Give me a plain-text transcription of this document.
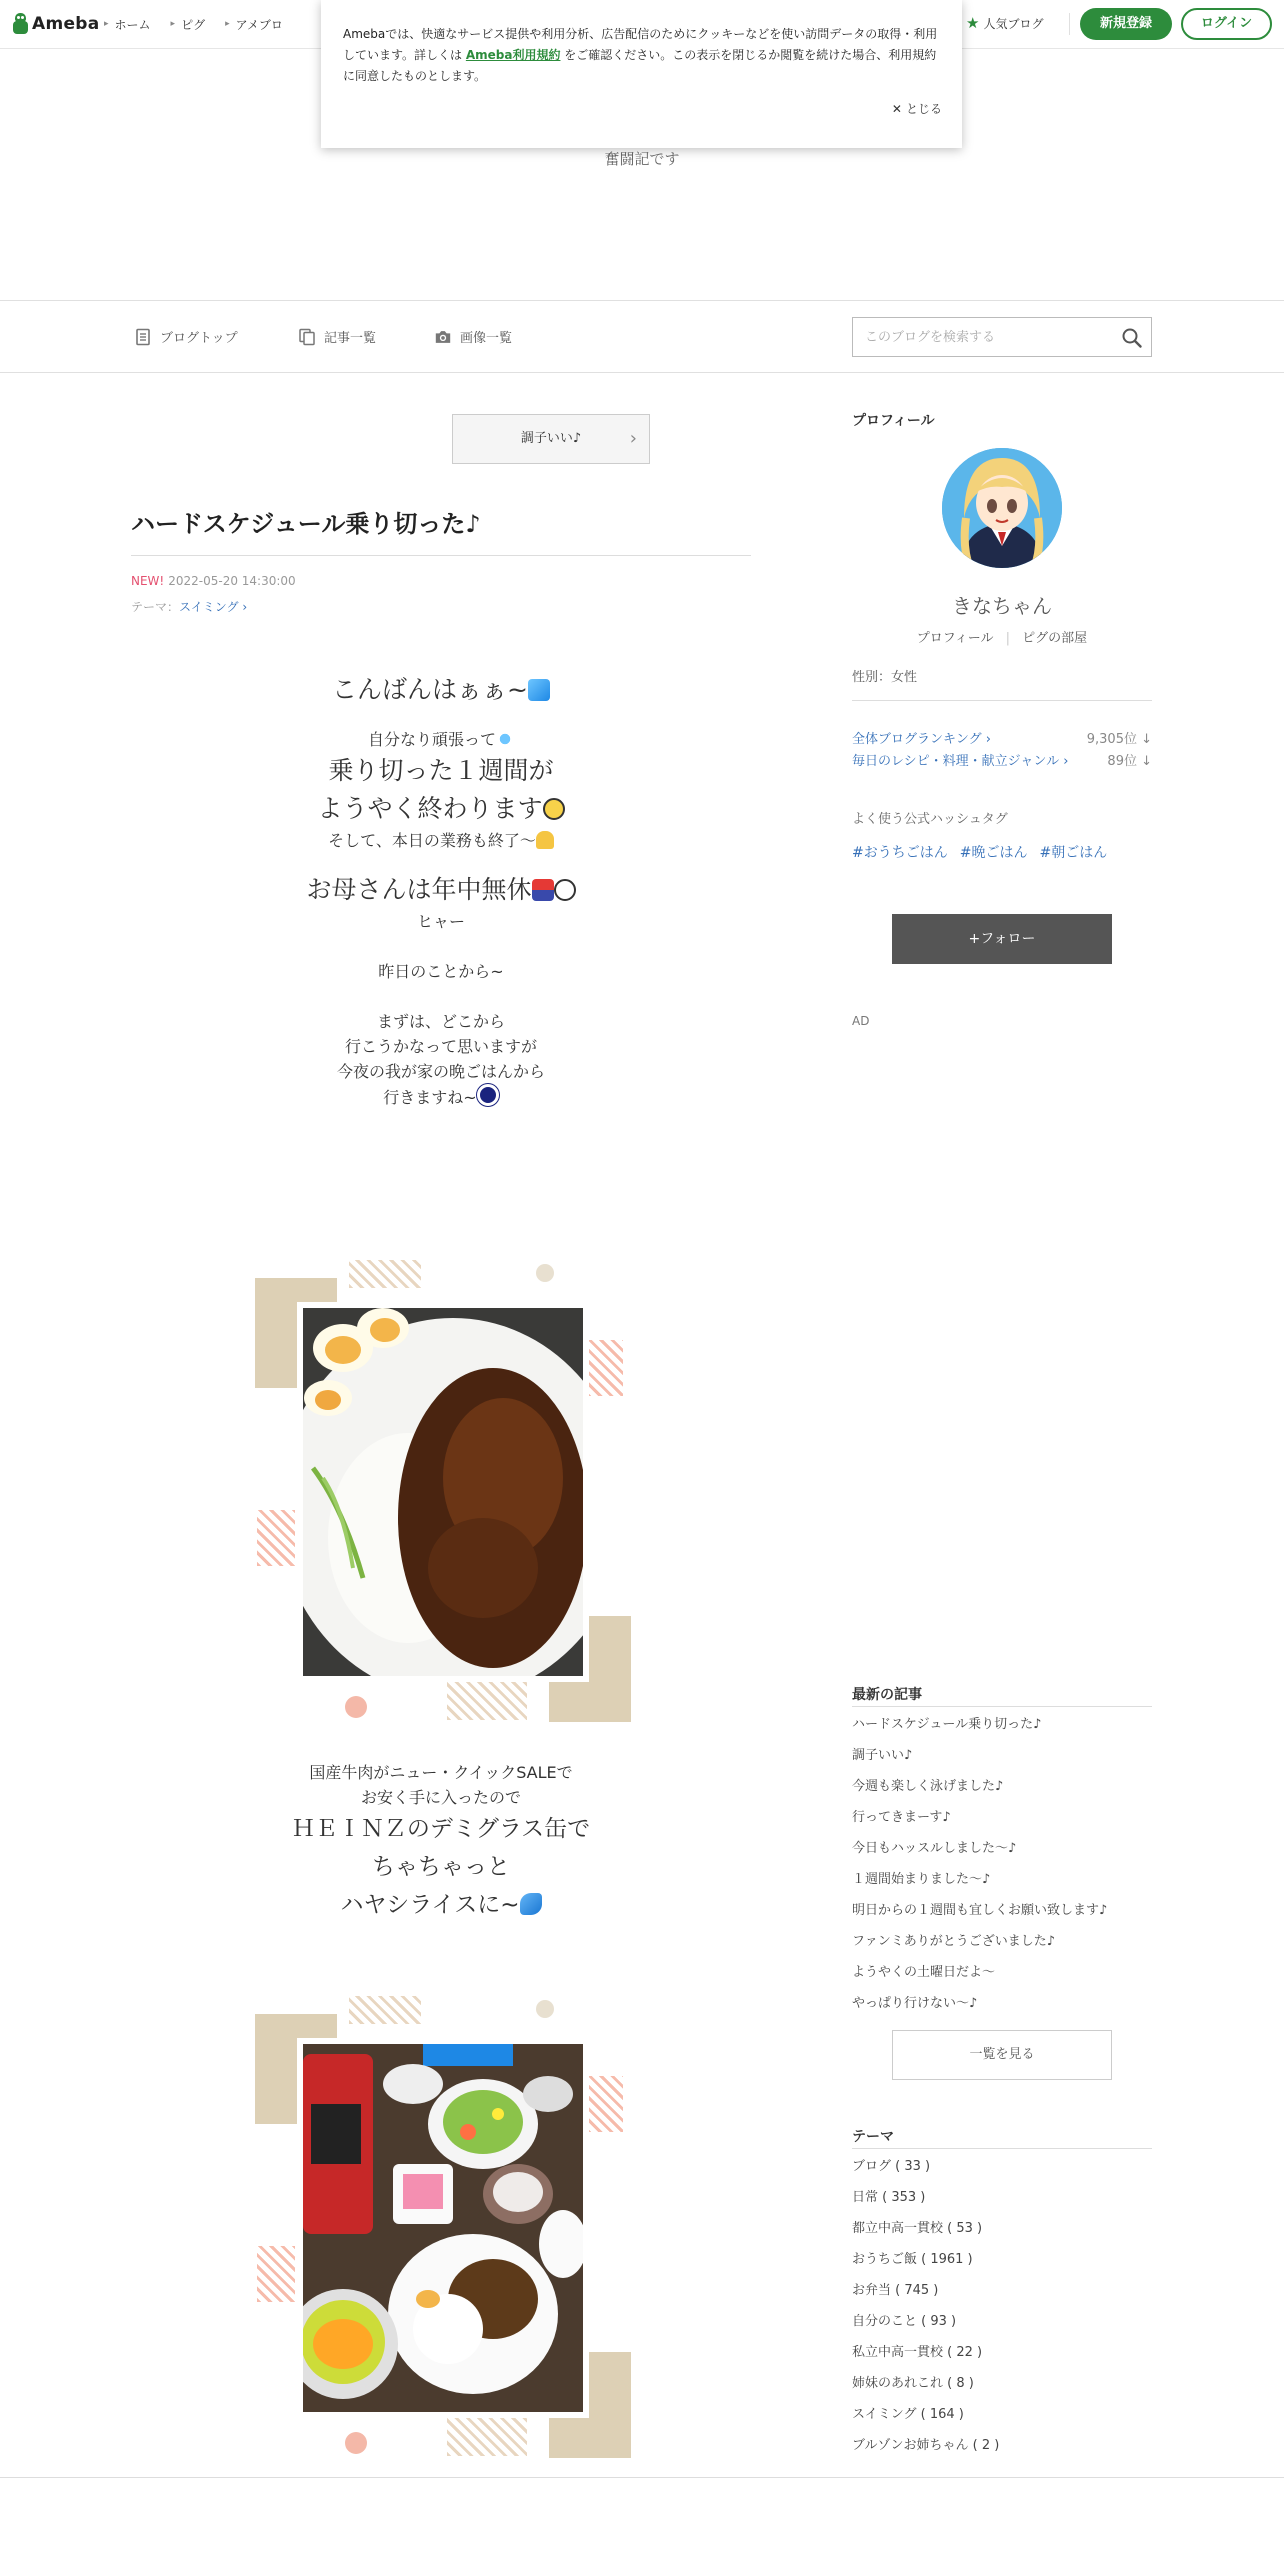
Ameba ▸ ホーム ▸ ピグ ▸ アメブロ	★ 人気ブログ	新規登録	ログイン
奮闘記です
Amebaでは、快適なサービス提供や利用分析、広告配信のためにクッキーなどを使い訪問データの取得・利用しています。詳しくは Ameba利用規約 をご確認ください。この表示を閉じるか閲覧を続けた場合、利用規約に同意したものとします。
✕ とじる
ブログトップ	記事一覧	画像一覧
このブログを検索する
調子いい♪	›
ハードスケジュール乗り切った♪
NEW! 2022-05-20 14:30:00
テーマ：スイミング ›
こんばんはぁぁ~
自分なり頑張って
乗り切った１週間が
ようやく終わります
そして、本日の業務も終了〜
お母さんは年中無休
ヒャー
昨日のことから~
まずは、どこから
行こうかなって思いますが
今夜の我が家の晩ごはんから
行きますね~
国産牛肉がニュー・クイックSALEで
お安く手に入ったので
ＨＥＩＮＺのデミグラス缶で
ちゃちゃっと
ハヤシライスに~
プロフィール
きなちゃん
プロフィール | ピグの部屋
性別：女性
全体ブログランキング ›	9,305位 ↓
毎日のレシピ・料理・献立ジャンル ›	89位 ↓
よく使う公式ハッシュタグ
#おうちごはん #晩ごはん #朝ごはん
+フォロー
AD
最新の記事
ハードスケジュール乗り切った♪
調子いい♪
今週も楽しく泳げました♪
行ってきまーす♪
今日もハッスルしました〜♪
１週間始まりました〜♪
明日からの１週間も宜しくお願い致します♪
ファンミありがとうございました♪
ようやくの土曜日だよ〜
やっぱり行けない〜♪
一覧を見る
テーマ
ブログ ( 33 )
日常 ( 353 )
都立中高一貫校 ( 53 )
おうちご飯 ( 1961 )
お弁当 ( 745 )
自分のこと ( 93 )
私立中高一貫校 ( 22 )
姉妹のあれこれ ( 8 )
スイミング ( 164 )
ブルゾンお姉ちゃん ( 2 )
